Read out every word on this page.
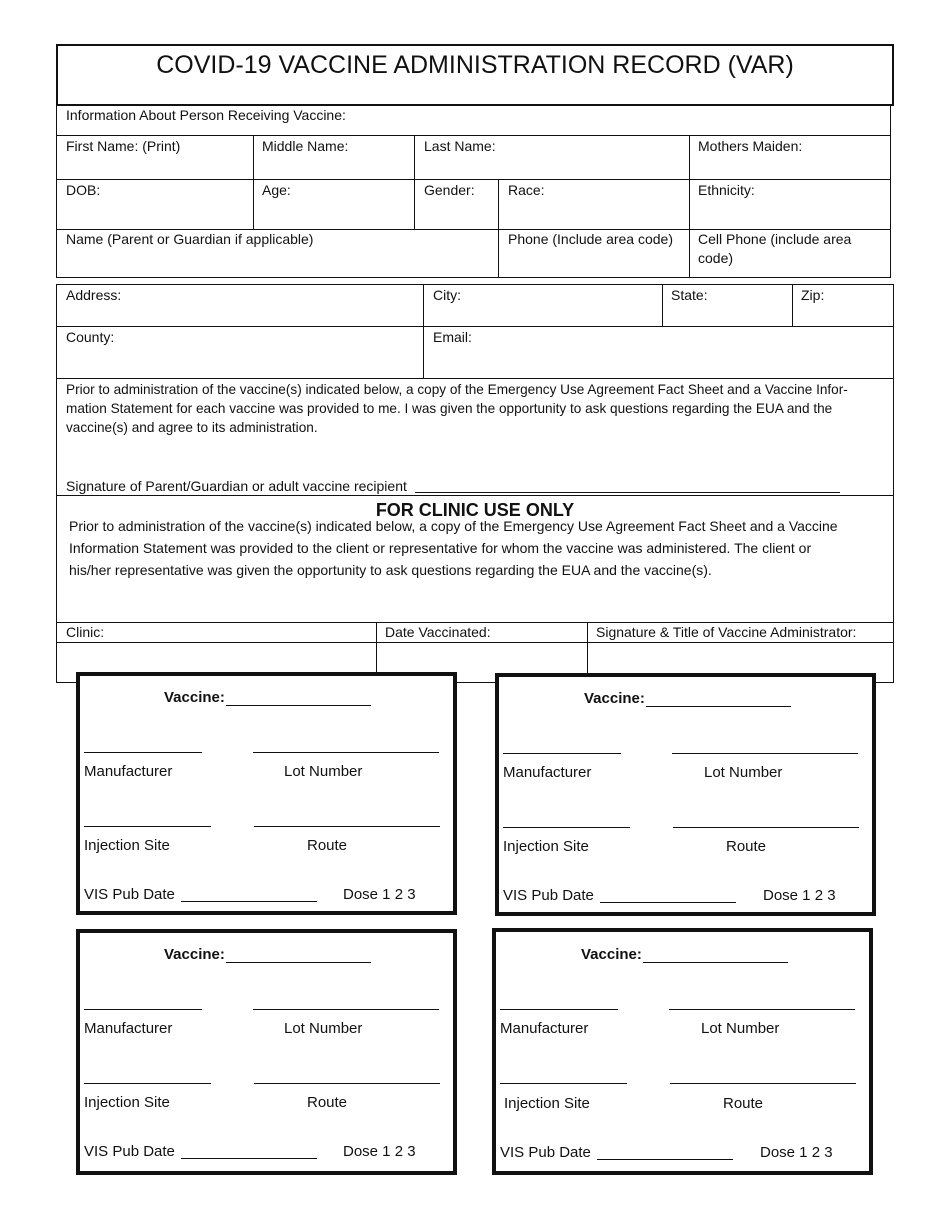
COVID-19 VACCINE ADMINISTRATION RECORD (VAR)
Information About Person Receiving Vaccine:
First Name: (Print)	Middle Name:	Last Name:	Mothers Maiden:
DOB:	Age:	Gender: Race:	Ethnicity:
Name (Parent or Guardian if applicable)	Phone (Include area code) Cell Phone (include area
code)
Address:	City:	State:	Zip:
County:	Email:
Prior to administration of the vaccine(s) indicated below, a copy of the Emergency Use Agreement Fact Sheet and a Vaccine Infor-
mation Statement for each vaccine was provided to me. I was given the opportunity to ask questions regarding the EUA and the
vaccine(s) and agree to its administration.
Signature of Parent/Guardian or adult vaccine recipient
FOR CLINIC USE ONLY
Prior to administration of the vaccine(s) indicated below, a copy of the Emergency Use Agreement Fact Sheet and a Vaccine
Information Statement was provided to the client or representative for whom the vaccine was administered. The client or
his/her representative was given the opportunity to ask questions regarding the EUA and the vaccine(s).
Clinic:	Date Vaccinated:	Signature & Title of Vaccine Administrator:
Vaccine:
Manufacturer	Lot Number
Injection Site	Route
VIS Pub Date	Dose 1 2 3
Vaccine:
Manufacturer	Lot Number
Injection Site	Route
VIS Pub Date	Dose 1 2 3
Vaccine:
Manufacturer	Lot Number
Injection Site	Route
VIS Pub Date	Dose 1 2 3
Vaccine:
Manufacturer	Lot Number
Injection Site	Route
VIS Pub Date	Dose 1 2 3
